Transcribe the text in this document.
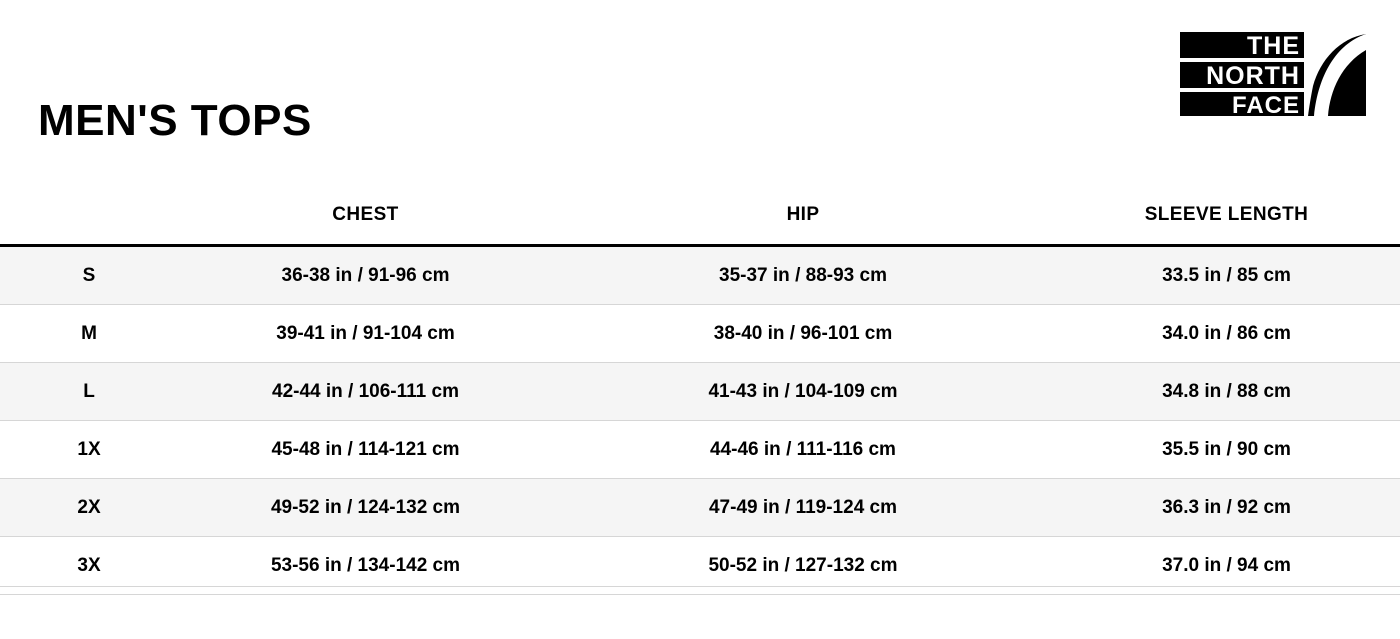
MEN'S TOPS
THE
NORTH
FACE
	CHEST	HIP	SLEEVE LENGTH
S	36-38 in / 91-96 cm	35-37 in / 88-93 cm	33.5 in / 85 cm
M	39-41 in / 91-104 cm	38-40 in / 96-101 cm	34.0 in / 86 cm
L	42-44 in / 106-111 cm	41-43 in / 104-109 cm	34.8 in / 88 cm
1X	45-48 in / 114-121 cm	44-46 in / 111-116 cm	35.5 in / 90 cm
2X	49-52 in / 124-132 cm	47-49 in / 119-124 cm	36.3 in / 92 cm
3X	53-56 in / 134-142 cm	50-52 in / 127-132 cm	37.0 in / 94 cm
